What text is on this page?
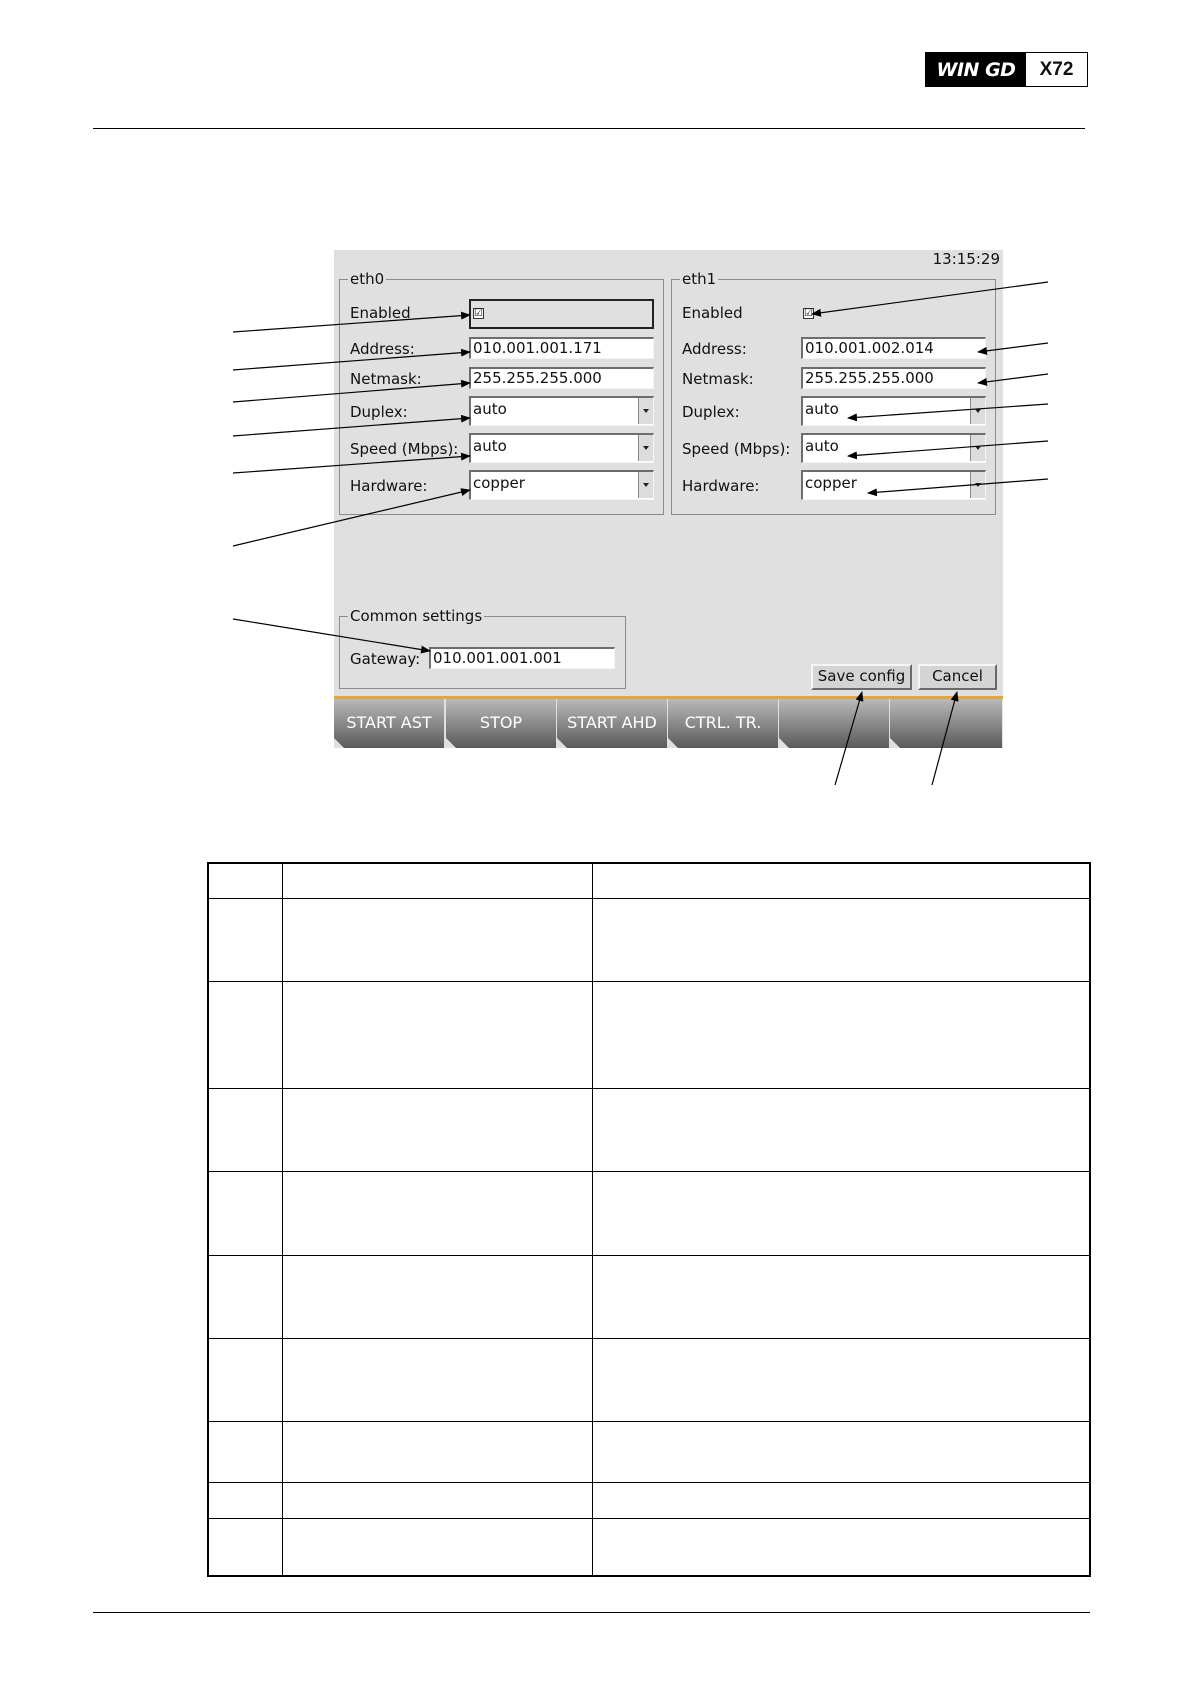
WIN GD	X72
13:15:29
eth0
Enabled	☑
Address:	010.001.001.171
Netmask:	255.255.255.000
Duplex:	auto
Speed (Mbps): auto
Hardware:	copper
eth1
Enabled	☑
Address:	010.001.002.014
Netmask:	255.255.255.000
Duplex:	auto
Speed (Mbps): auto
Hardware:	copper
Common settings
Gateway: 010.001.001.001
Save config	Cancel
START AST	STOP	START AHD	CTRL. TR.
